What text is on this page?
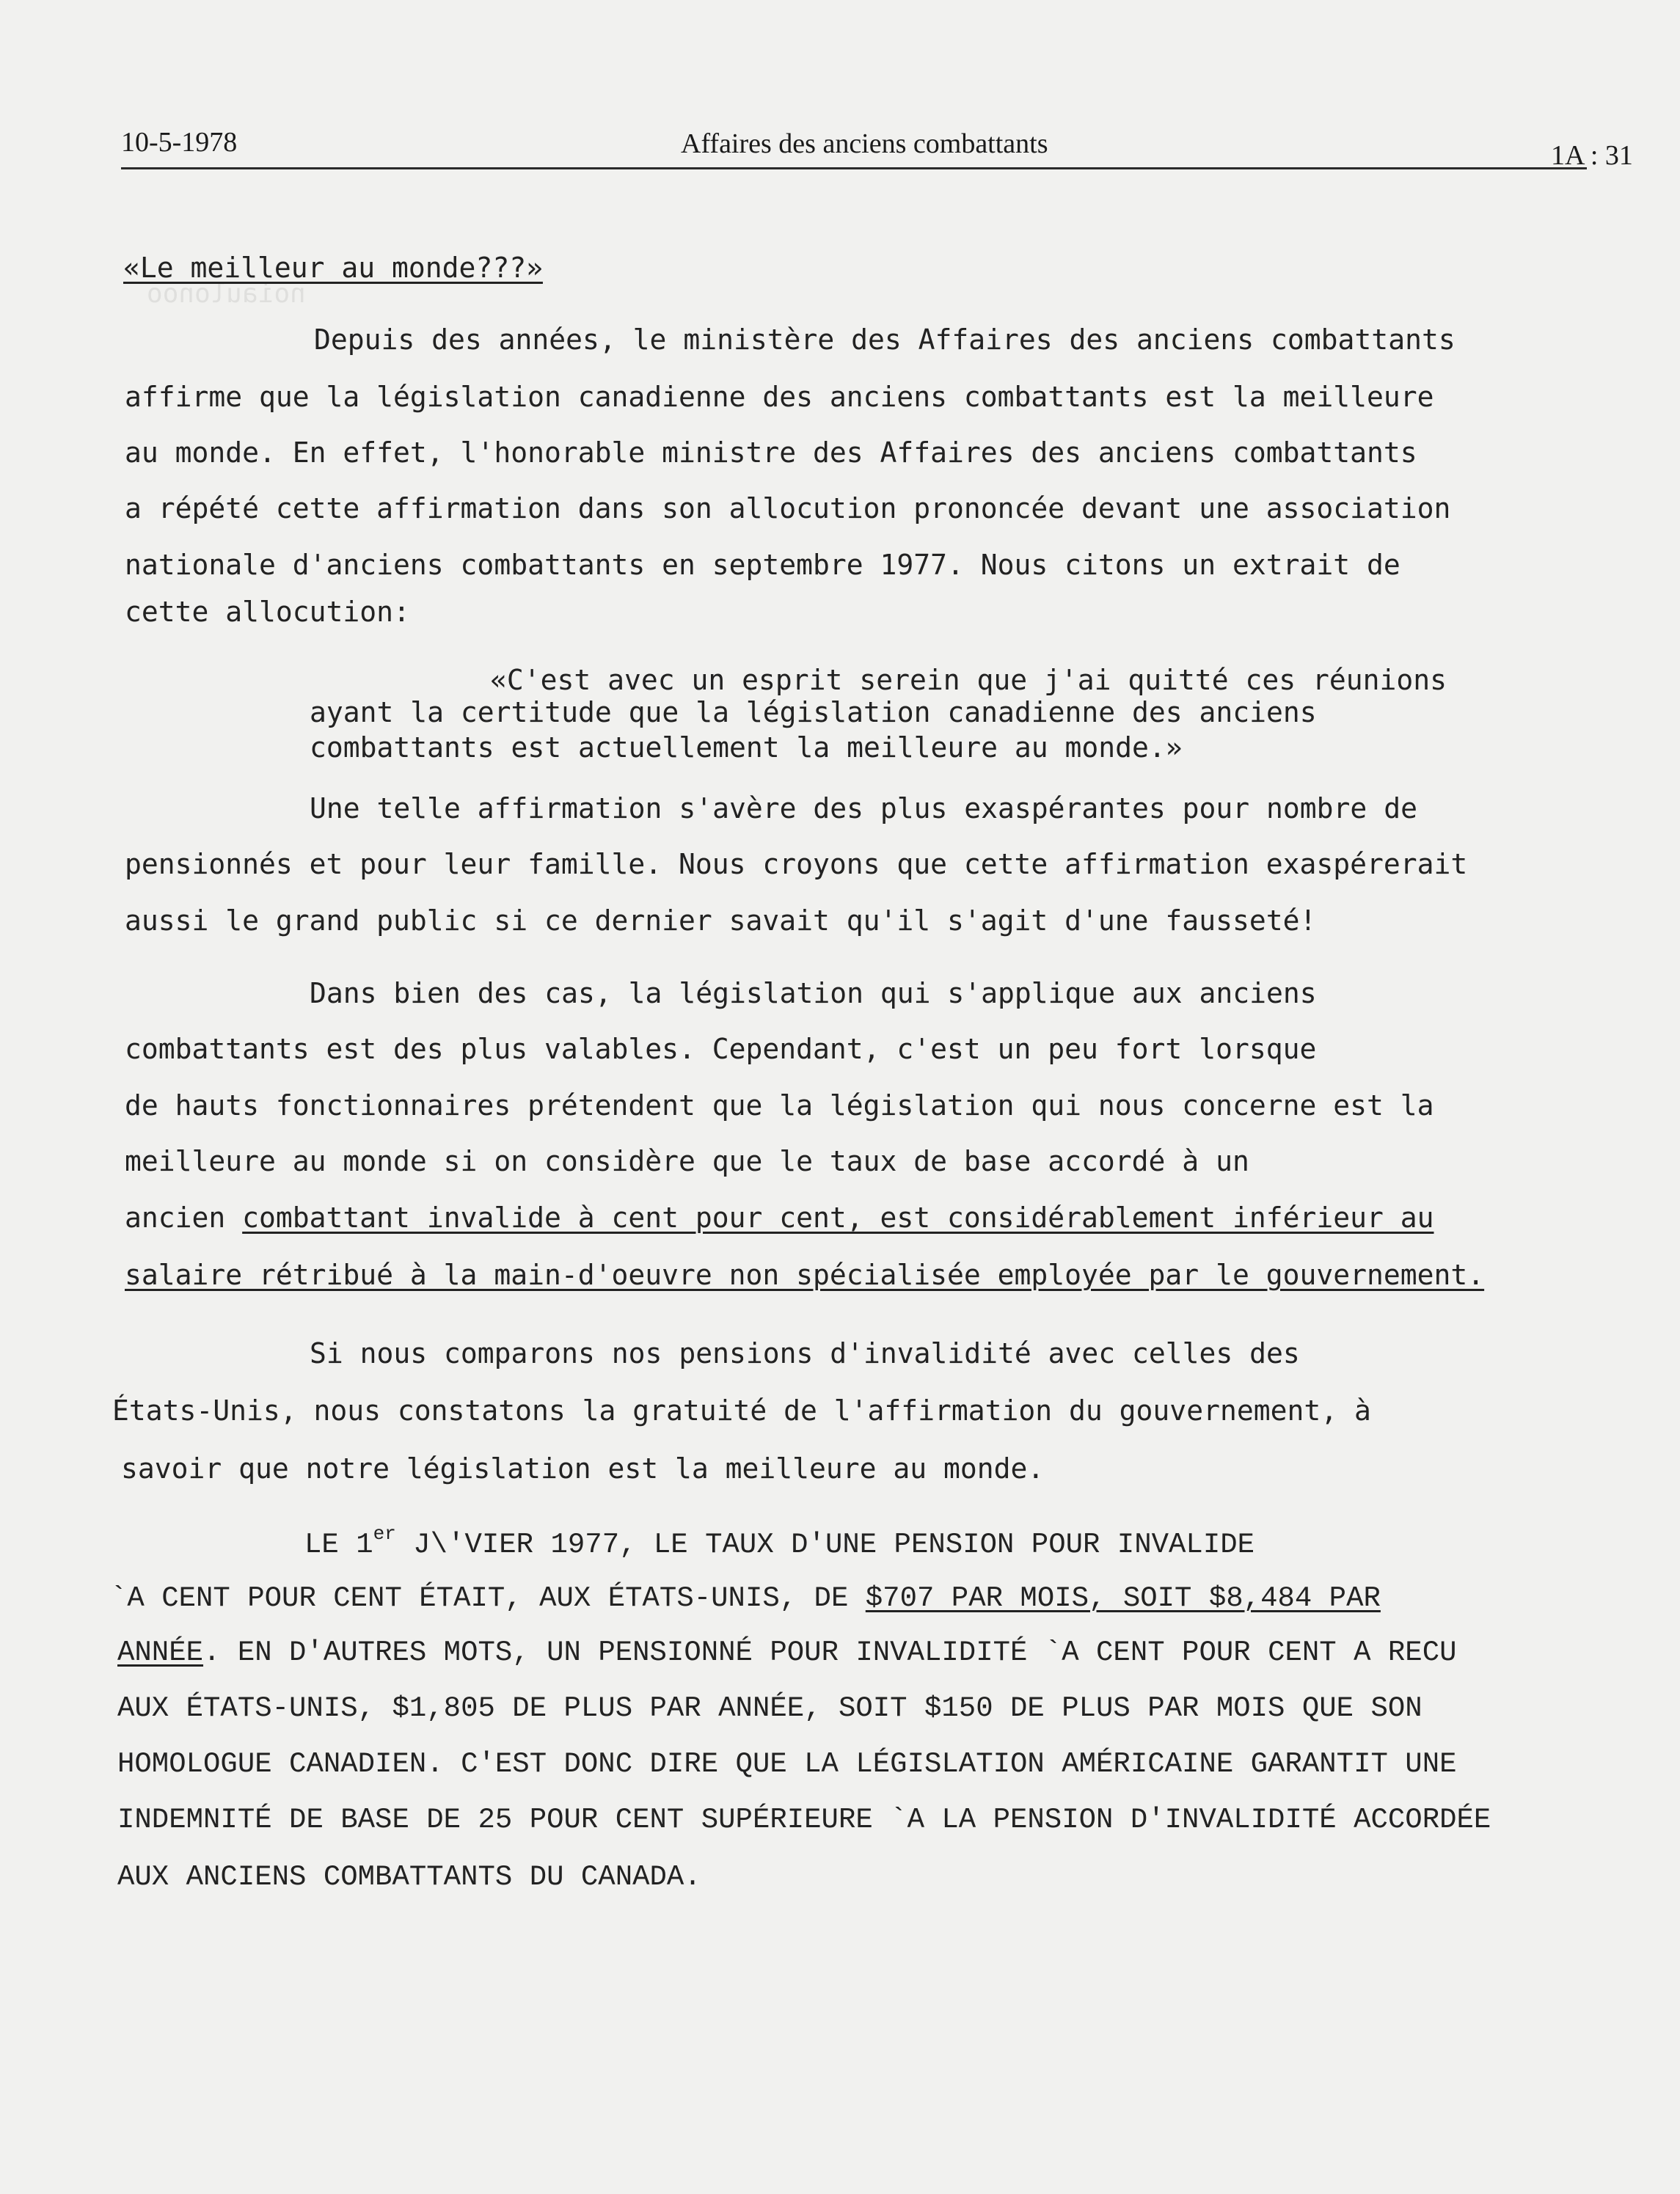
noiaulonoo
10-5-1978	Affaires des anciens combattants	1A : 31
«Le meilleur au monde???»
Depuis des années, le ministère des Affaires des anciens combattants
affirme que la législation canadienne des anciens combattants est la meilleure
au monde. En effet, l'honorable ministre des Affaires des anciens combattants
a répété cette affirmation dans son allocution prononcée devant une association
nationale d'anciens combattants en septembre 1977. Nous citons un extrait de
cette allocution:
«C'est avec un esprit serein que j'ai quitté ces réunions
ayant la certitude que la législation canadienne des anciens
combattants est actuellement la meilleure au monde.»
Une telle affirmation s'avère des plus exaspérantes pour nombre de
pensionnés et pour leur famille. Nous croyons que cette affirmation exaspérerait
aussi le grand public si ce dernier savait qu'il s'agit d'une fausseté!
Dans bien des cas, la législation qui s'applique aux anciens
combattants est des plus valables. Cependant, c'est un peu fort lorsque
de hauts fonctionnaires prétendent que la législation qui nous concerne est la
meilleure au monde si on considère que le taux de base accordé à un
ancien combattant invalide à cent pour cent, est considérablement inférieur au
salaire rétribué à la main-d'oeuvre non spécialisée employée par le gouvernement.
Si nous comparons nos pensions d'invalidité avec celles des
États-Unis, nous constatons la gratuité de l'affirmation du gouvernement, à
savoir que notre législation est la meilleure au monde.
LE 1er J\'VIER 1977, LE TAUX D'UNE PENSION POUR INVALIDE
`A CENT POUR CENT ÉTAIT, AUX ÉTATS-UNIS, DE $707 PAR MOIS, SOIT $8,484 PAR
ANNÉE. EN D'AUTRES MOTS, UN PENSIONNÉ POUR INVALIDITÉ `A CENT POUR CENT A RECU
AUX ÉTATS-UNIS, $1,805 DE PLUS PAR ANNÉE, SOIT $150 DE PLUS PAR MOIS QUE SON
HOMOLOGUE CANADIEN. C'EST DONC DIRE QUE LA LÉGISLATION AMÉRICAINE GARANTIT UNE
INDEMNITÉ DE BASE DE 25 POUR CENT SUPÉRIEURE `A LA PENSION D'INVALIDITÉ ACCORDÉE
AUX ANCIENS COMBATTANTS DU CANADA.
